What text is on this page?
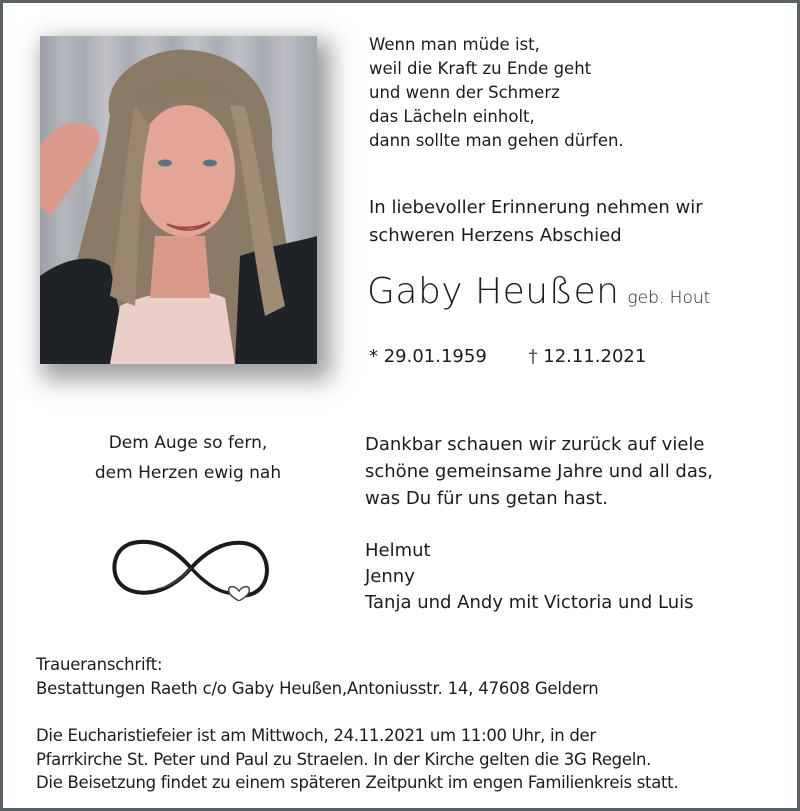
Wenn man müde ist,
weil die Kraft zu Ende geht
und wenn der Schmerz
das Lächeln einholt,
dann sollte man gehen dürfen.
In liebevoller Erinnerung nehmen wir
schweren Herzens Abschied
Gaby Heußen geb. Hout
* 29.01.1959 † 12.11.2021
Dem Auge so fern,
dem Herzen ewig nah
Dankbar schauen wir zurück auf viele
schöne gemeinsame Jahre und all das,
was Du für uns getan hast.
Helmut
Jenny
Tanja und Andy mit Victoria und Luis
Traueranschrift:
Bestattungen Raeth c/o Gaby Heußen,Antoniusstr. 14, 47608 Geldern
Die Eucharistiefeier ist am Mittwoch, 24.11.2021 um 11:00 Uhr, in der
Pfarrkirche St. Peter und Paul zu Straelen. In der Kirche gelten die 3G Regeln.
Die Beisetzung findet zu einem späteren Zeitpunkt im engen Familienkreis statt.
